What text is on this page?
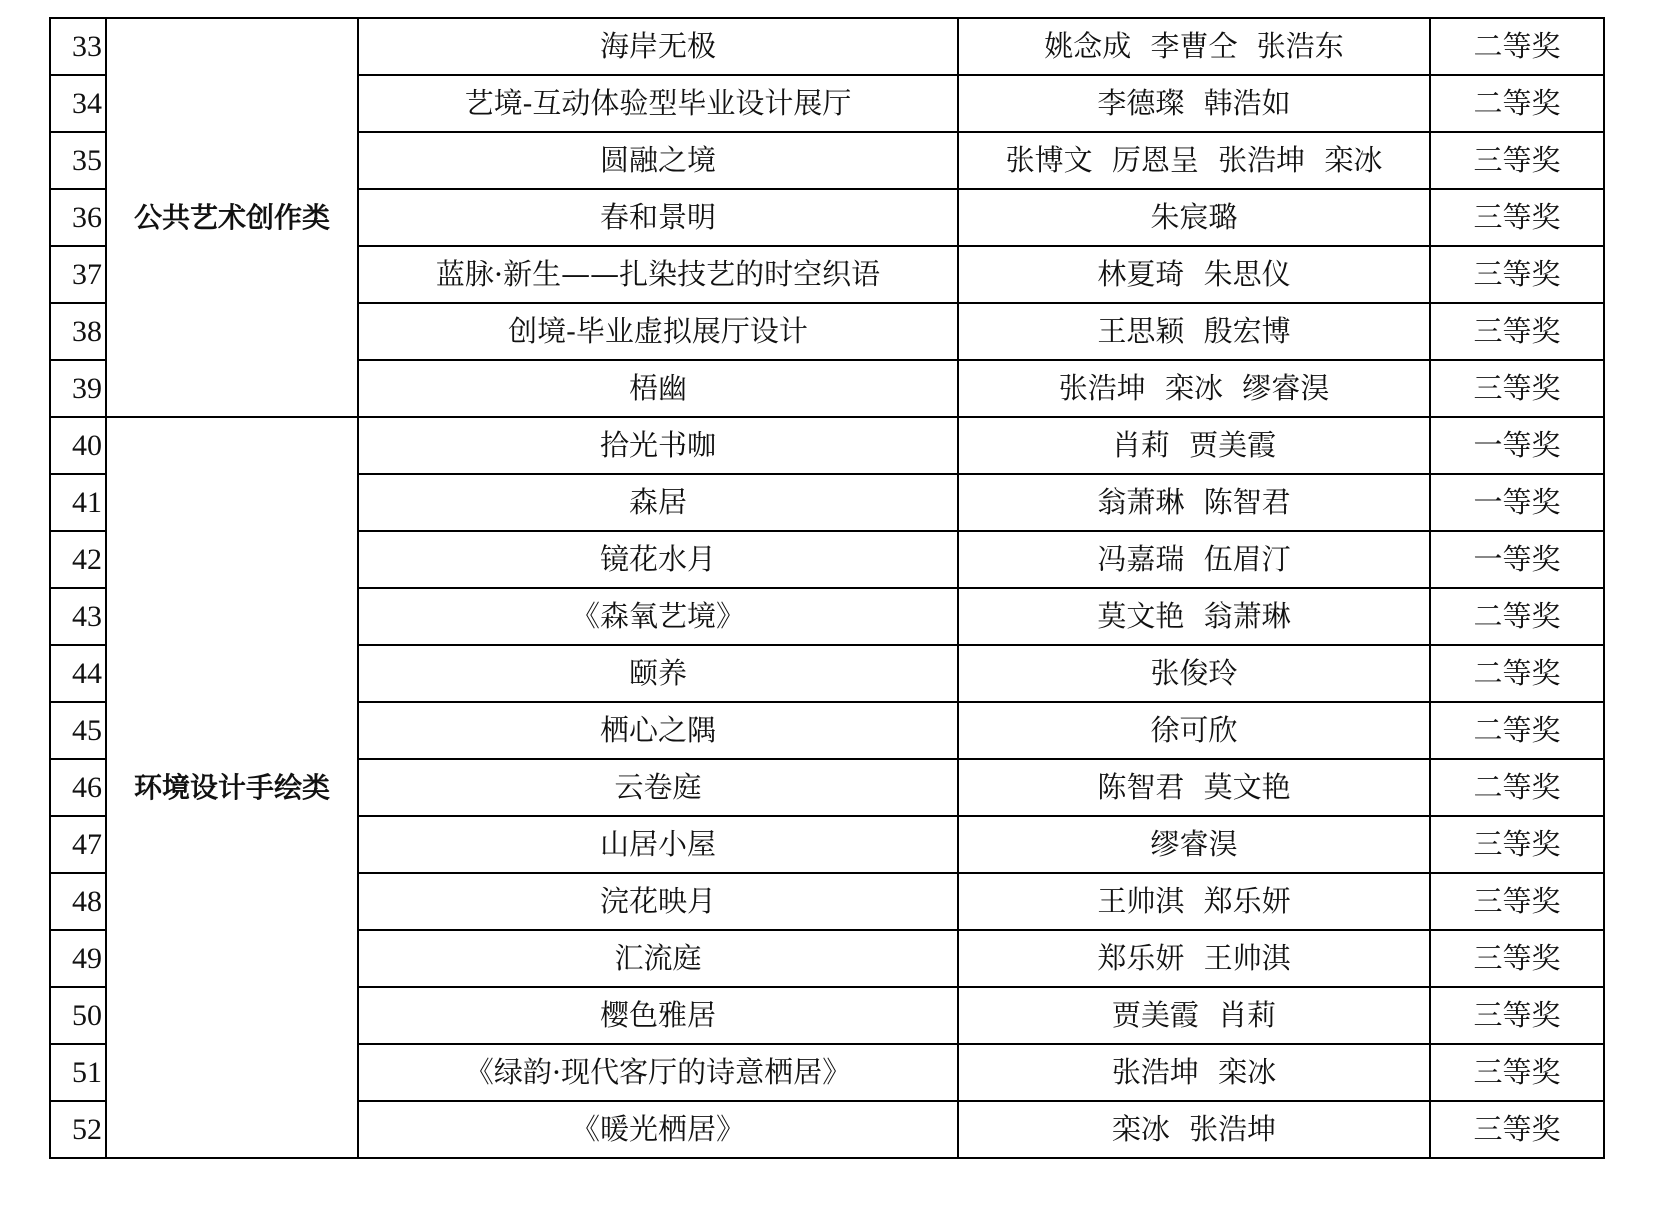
33	公共艺术创作类	海岸无极	姚念成 李曹仝 张浩东	二等奖
34		艺境-互动体验型毕业设计展厅	李德璨 韩浩如	二等奖
35		圆融之境	张博文 厉恩呈 张浩坤 栾冰	三等奖
36		春和景明	朱宸璐	三等奖
37		蓝脉·新生——扎染技艺的时空织语	林夏琦 朱思仪	三等奖
38		创境-毕业虚拟展厅设计	王思颖 殷宏博	三等奖
39		梧幽	张浩坤 栾冰 缪睿淏	三等奖
40	环境设计手绘类	拾光书咖	肖莉 贾美霞	一等奖
41		森居	翁萧琳 陈智君	一等奖
42		镜花水月	冯嘉瑞 伍眉汀	一等奖
43		《森氧艺境》	莫文艳 翁萧琳	二等奖
44		颐养	张俊玲	二等奖
45		栖心之隅	徐可欣	二等奖
46		云卷庭	陈智君 莫文艳	二等奖
47		山居小屋	缪睿淏	三等奖
48		浣花映月	王帅淇 郑乐妍	三等奖
49		汇流庭	郑乐妍 王帅淇	三等奖
50		樱色雅居	贾美霞 肖莉	三等奖
51		《绿韵·现代客厅的诗意栖居》	张浩坤 栾冰	三等奖
52		《暖光栖居》	栾冰 张浩坤	三等奖
